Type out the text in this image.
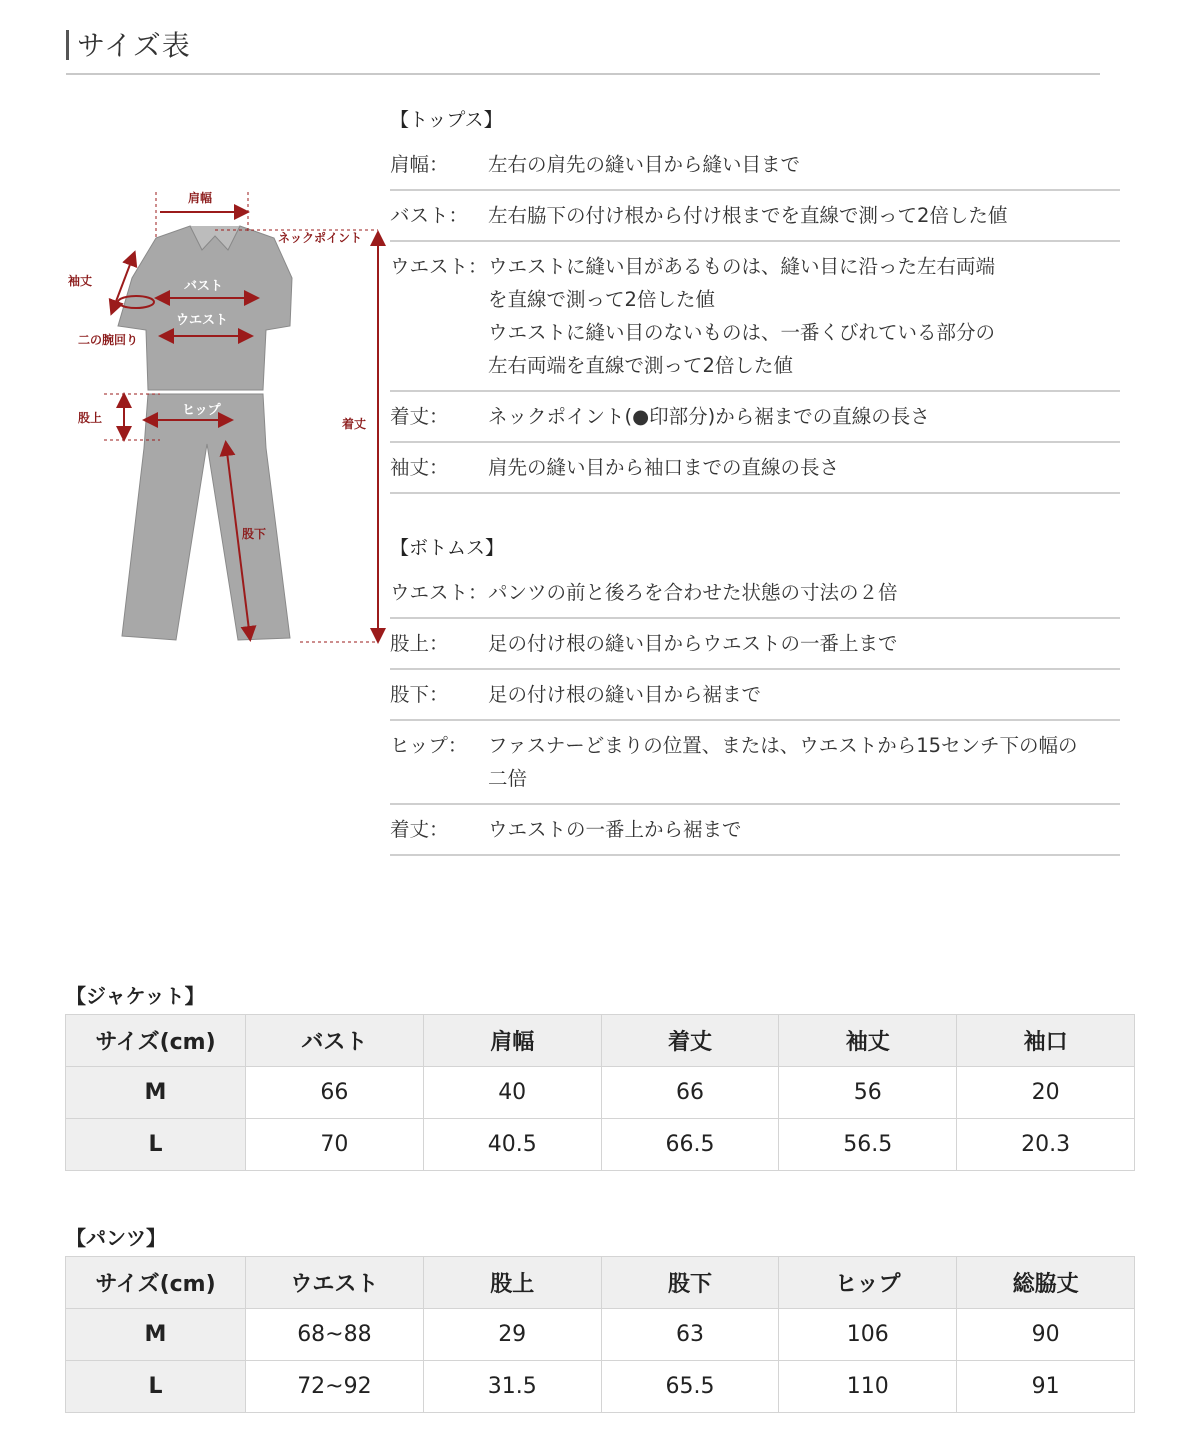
サイズ表
肩幅
ネックポイント
着丈
袖丈
二の腕回り
バスト
ウエスト
股上	ヒップ
股下
【トップス】
肩幅：	左右の肩先の縫い目から縫い目まで
バスト：	左右脇下の付け根から付け根までを直線で測って2倍した値
ウエスト： ウエストに縫い目があるものは、縫い目に沿った左右両端
を直線で測って2倍した値
ウエストに縫い目のないものは、一番くびれている部分の
左右両端を直線で測って2倍した値
着丈：	ネックポイント(●印部分)から裾までの直線の長さ
袖丈：	肩先の縫い目から袖口までの直線の長さ
【ボトムス】
ウエスト： パンツの前と後ろを合わせた状態の寸法の２倍
股上：	足の付け根の縫い目からウエストの一番上まで
股下：	足の付け根の縫い目から裾まで
ヒップ：	ファスナーどまりの位置、または、ウエストから15センチ下の幅の
二倍
着丈：	ウエストの一番上から裾まで
【ジャケット】
サイズ(cm)	バスト	肩幅	着丈	袖丈	袖口
M	66	40	66	56	20
L	70	40.5	66.5	56.5	20.3
【パンツ】
サイズ(cm)	ウエスト	股上	股下	ヒップ	総脇丈
M	68~88	29	63	106	90
L	72~92	31.5	65.5	110	91
